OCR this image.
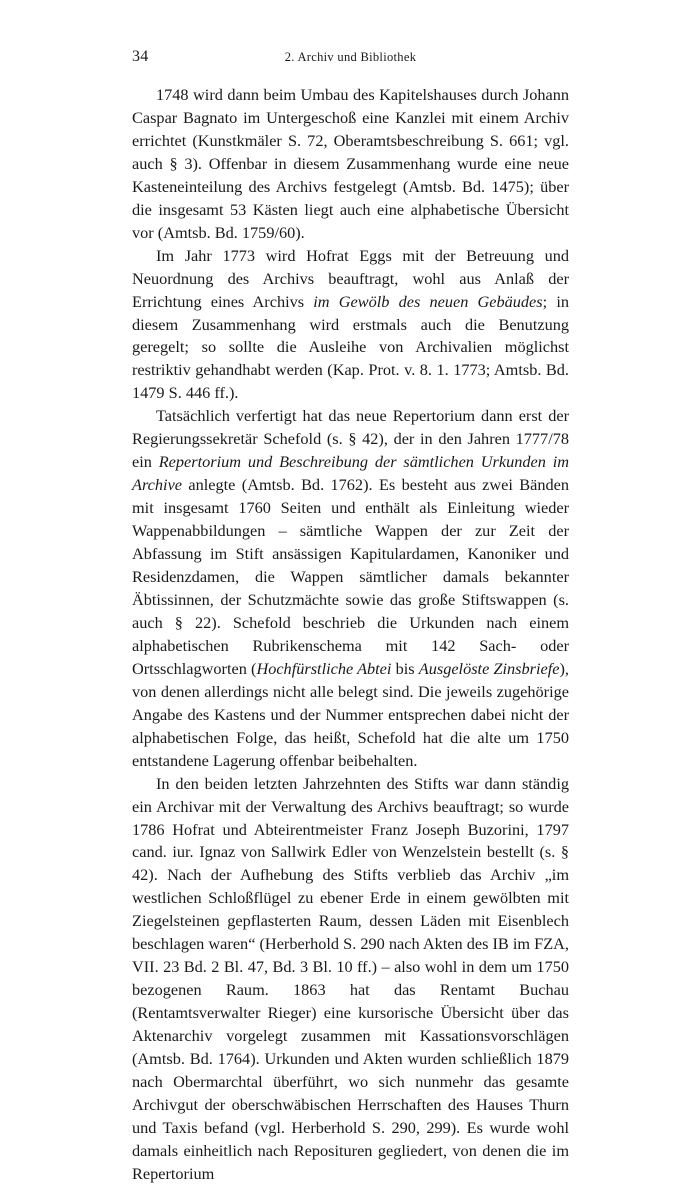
34	2. Archiv und Bibliothek

1748 wird dann beim Umbau des Kapitelshauses durch Johann Caspar Bagnato im Untergeschoß eine Kanzlei mit einem Archiv errichtet (Kunstkmäler S. 72, Oberamtsbeschreibung S. 661; vgl. auch § 3). Offenbar in diesem Zusammenhang wurde eine neue Kasteneinteilung des Archivs festgelegt (Amtsb. Bd. 1475); über die insgesamt 53 Kästen liegt auch eine alphabetische Übersicht vor (Amtsb. Bd. 1759/60).

Im Jahr 1773 wird Hofrat Eggs mit der Betreuung und Neuordnung des Archivs beauftragt, wohl aus Anlaß der Errichtung eines Archivs im Gewölb des neuen Gebäudes; in diesem Zusammenhang wird erstmals auch die Benutzung geregelt; so sollte die Ausleihe von Archivalien möglichst restriktiv gehandhabt werden (Kap. Prot. v. 8. 1. 1773; Amtsb. Bd. 1479 S. 446 ff.).

Tatsächlich verfertigt hat das neue Repertorium dann erst der Regierungssekretär Schefold (s. § 42), der in den Jahren 1777/78 ein Repertorium und Beschreibung der sämtlichen Urkunden im Archive anlegte (Amtsb. Bd. 1762). Es besteht aus zwei Bänden mit insgesamt 1760 Seiten und enthält als Einleitung wieder Wappenabbildungen – sämtliche Wappen der zur Zeit der Abfassung im Stift ansässigen Kapitulardamen, Kanoniker und Residenzdamen, die Wappen sämtlicher damals bekannter Äbtissinnen, der Schutzmächte sowie das große Stiftswappen (s. auch § 22). Schefold beschrieb die Urkunden nach einem alphabetischen Rubrikenschema mit 142 Sach- oder Ortsschlagworten (Hochfürstliche Abtei bis Ausgelöste Zinsbriefe), von denen allerdings nicht alle belegt sind. Die jeweils zugehörige Angabe des Kastens und der Nummer entsprechen dabei nicht der alphabetischen Folge, das heißt, Schefold hat die alte um 1750 entstandene Lagerung offenbar beibehalten.

In den beiden letzten Jahrzehnten des Stifts war dann ständig ein Archivar mit der Verwaltung des Archivs beauftragt; so wurde 1786 Hofrat und Abteirentmeister Franz Joseph Buzorini, 1797 cand. iur. Ignaz von Sallwirk Edler von Wenzelstein bestellt (s. § 42). Nach der Aufhebung des Stifts verblieb das Archiv „im westlichen Schloßflügel zu ebener Erde in einem gewölbten mit Ziegelsteinen gepflasterten Raum, dessen Läden mit Eisenblech beschlagen waren“ (Herberhold S. 290 nach Akten des IB im FZA, VII. 23 Bd. 2 Bl. 47, Bd. 3 Bl. 10 ff.) – also wohl in dem um 1750 bezogenen Raum. 1863 hat das Rentamt Buchau (Rentamtsverwalter Rieger) eine kursorische Übersicht über das Aktenarchiv vorgelegt zusammen mit Kassationsvorschlägen (Amtsb. Bd. 1764). Urkunden und Akten wurden schließlich 1879 nach Obermarchtal überführt, wo sich nunmehr das gesamte Archivgut der oberschwäbischen Herrschaften des Hauses Thurn und Taxis befand (vgl. Herberhold S. 290, 299). Es wurde wohl damals einheitlich nach Reposituren gegliedert, von denen die im Repertorium
